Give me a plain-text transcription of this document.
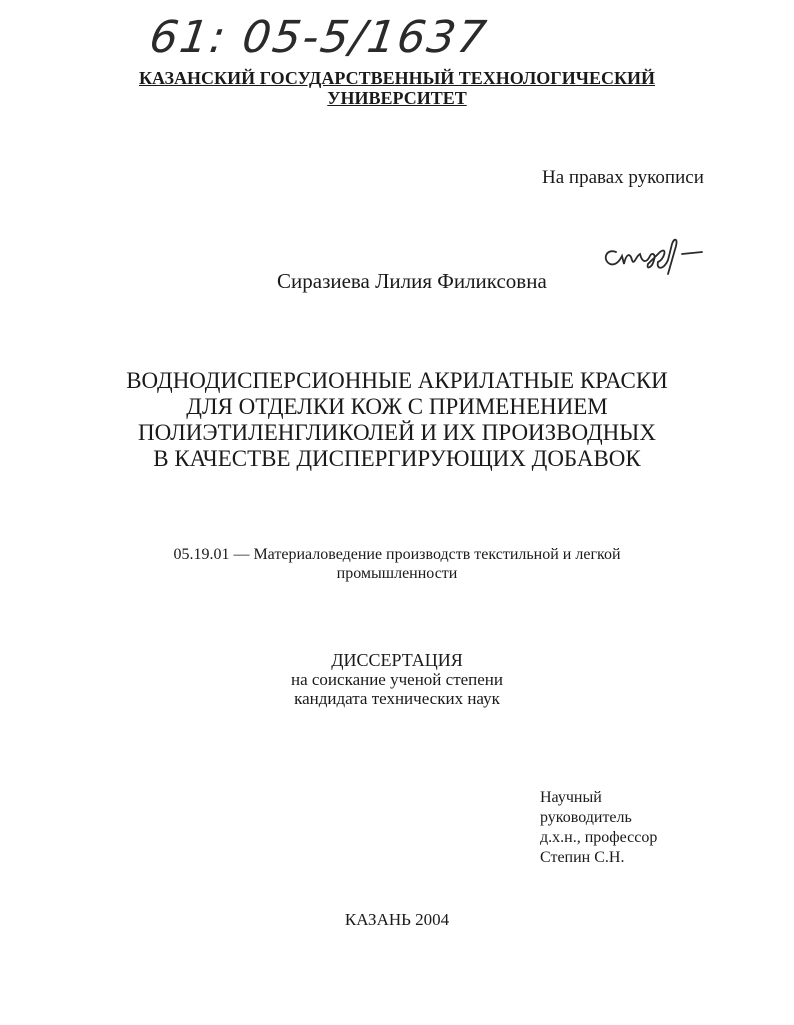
61: 05-5/1637
КАЗАНСКИЙ ГОСУДАРСТВЕННЫЙ ТЕХНОЛОГИЧЕСКИЙ
УНИВЕРСИТЕТ
На правах рукописи
Сиразиева Лилия Филиксовна
ВОДНОДИСПЕРСИОННЫЕ АКРИЛАТНЫЕ КРАСКИ
ДЛЯ ОТДЕЛКИ КОЖ С ПРИМЕНЕНИЕМ
ПОЛИЭТИЛЕНГЛИКОЛЕЙ И ИХ ПРОИЗВОДНЫХ
В КАЧЕСТВЕ ДИСПЕРГИРУЮЩИХ ДОБАВОК
05.19.01 — Материаловедение производств текстильной и легкой
промышленности
ДИССЕРТАЦИЯ
на соискание ученой степени
кандидата технических наук
Научный
руководитель
д.х.н., профессор
Степин С.Н.
КАЗАНЬ 2004
